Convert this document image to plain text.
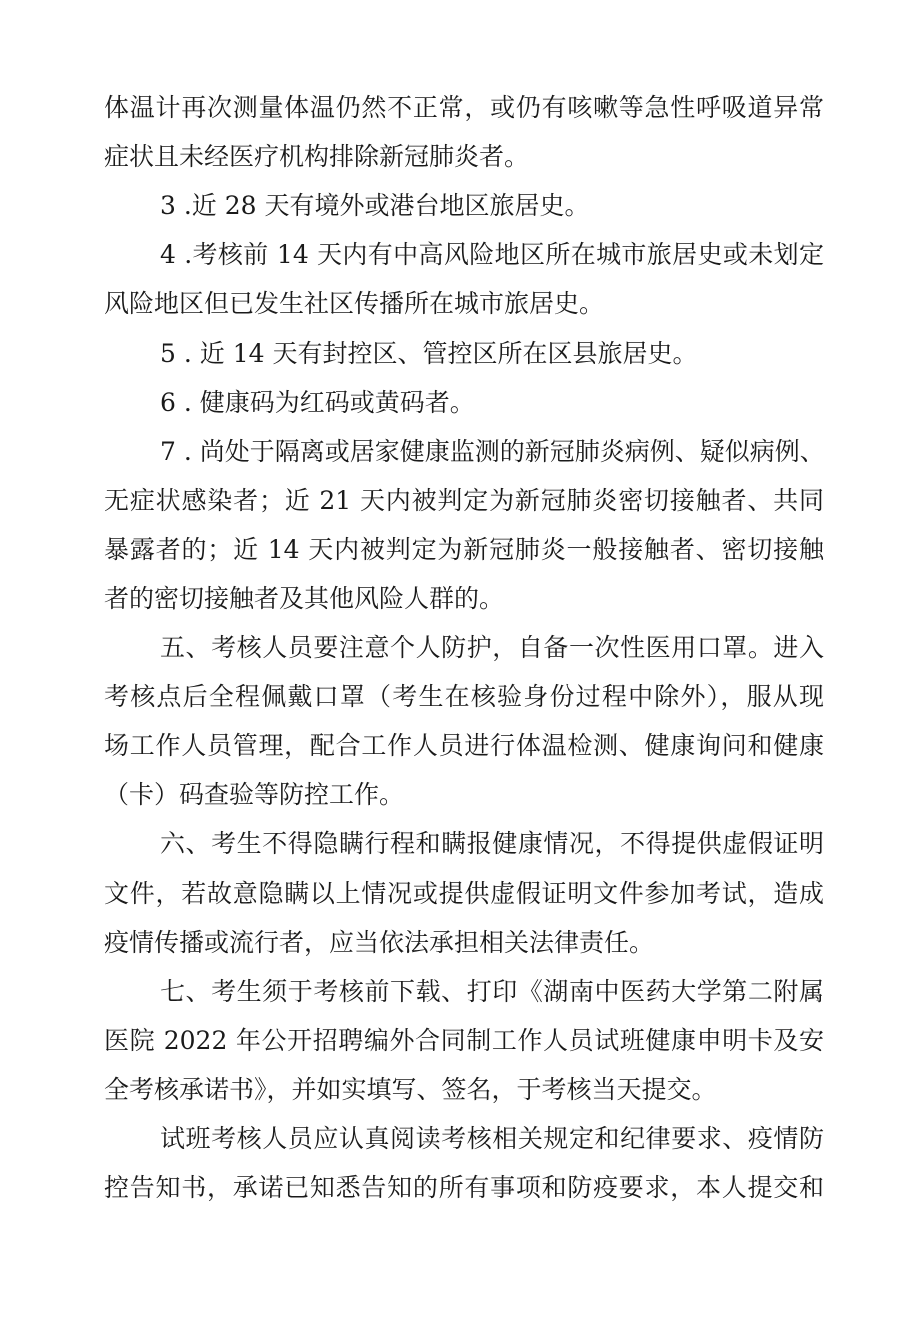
体温计再次测量体温仍然不正常，或仍有咳嗽等急性呼吸道异常
症状且未经医疗机构排除新冠肺炎者。
3 .近 28 天有境外或港台地区旅居史。
4 .考核前 14 天内有中高风险地区所在城市旅居史或未划定
风险地区但已发生社区传播所在城市旅居史。
5 . 近 14 天有封控区、管控区所在区县旅居史。
6 . 健康码为红码或黄码者。
7 . 尚处于隔离或居家健康监测的新冠肺炎病例、疑似病例、
无症状感染者；近 21 天内被判定为新冠肺炎密切接触者、共同
暴露者的；近 14 天内被判定为新冠肺炎一般接触者、密切接触
者的密切接触者及其他风险人群的。
五、考核人员要注意个人防护，自备一次性医用口罩。进入
考核点后全程佩戴口罩（考生在核验身份过程中除外），服从现
场工作人员管理，配合工作人员进行体温检测、健康询问和健康
（卡）码查验等防控工作。
六、考生不得隐瞒行程和瞒报健康情况，不得提供虚假证明
文件，若故意隐瞒以上情况或提供虚假证明文件参加考试，造成
疫情传播或流行者，应当依法承担相关法律责任。
七、考生须于考核前下载、打印《湖南中医药大学第二附属
医院 2022 年公开招聘编外合同制工作人员试班健康申明卡及安
全考核承诺书》，并如实填写、签名，于考核当天提交。
试班考核人员应认真阅读考核相关规定和纪律要求、疫情防
控告知书，承诺已知悉告知的所有事项和防疫要求，本人提交和
